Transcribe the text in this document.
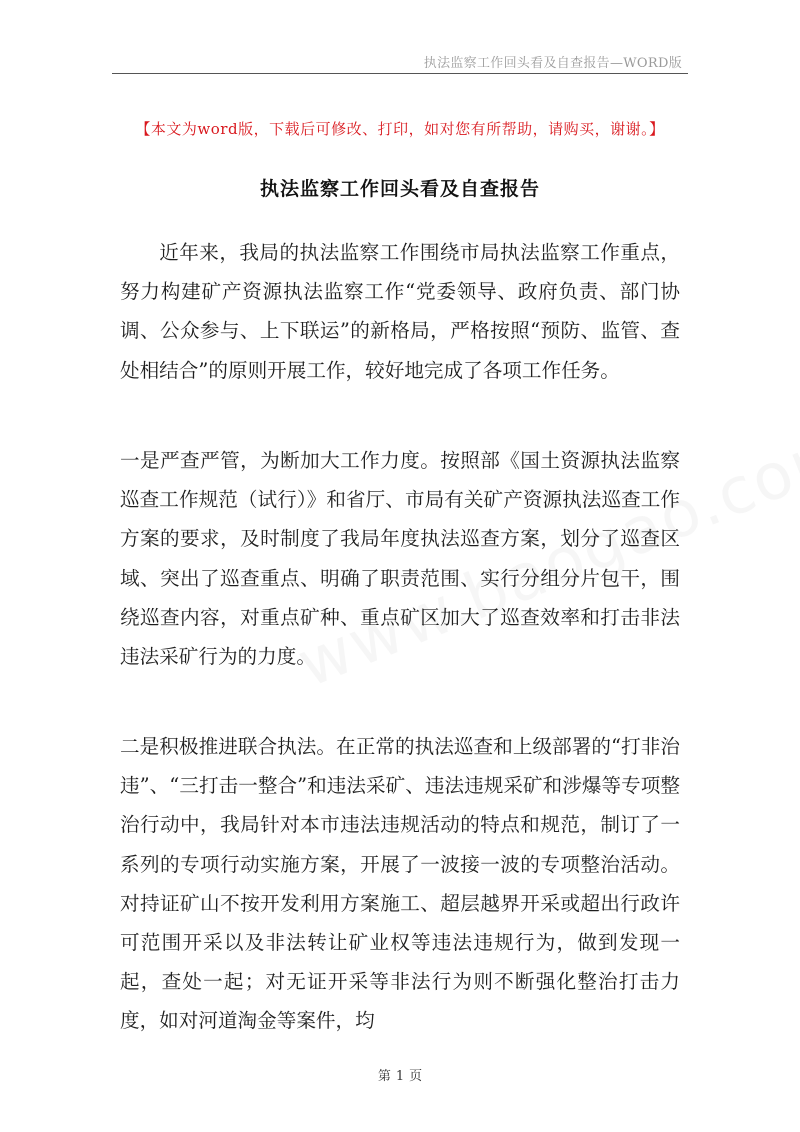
执法监察工作回头看及自查报告—WORD版
【本文为word版，下载后可修改、打印，如对您有所帮助，请购买，谢谢。】
执法监察工作回头看及自查报告

近年来，我局的执法监察工作围绕市局执法监察工作重点，努力构建矿产资源执法监察工作“党委领导、政府负责、部门协调、公众参与、上下联运”的新格局，严格按照“预防、监管、查处相结合”的原则开展工作，较好地完成了各项工作任务。

一是严查严管，为断加大工作力度。按照部《国土资源执法监察巡查工作规范（试行）》和省厅、市局有关矿产资源执法巡查工作方案的要求，及时制度了我局年度执法巡查方案，划分了巡查区域、突出了巡查重点、明确了职责范围、实行分组分片包干，围绕巡查内容，对重点矿种、重点矿区加大了巡查效率和打击非法违法采矿行为的力度。

二是积极推进联合执法。在正常的执法巡查和上级部署的“打非治违”、“三打击一整合”和违法采矿、违法违规采矿和涉爆等专项整治行动中，我局针对本市违法违规活动的特点和规范，制订了一系列的专项行动实施方案，开展了一波接一波的专项整治活动。对持证矿山不按开发利用方案施工、超层越界开采或超出行政许可范围开采以及非法转让矿业权等违法违规行为，做到发现一起，查处一起；对无证开采等非法行为则不断强化整治打击力度，如对河道淘金等案件，均

第 1 页
